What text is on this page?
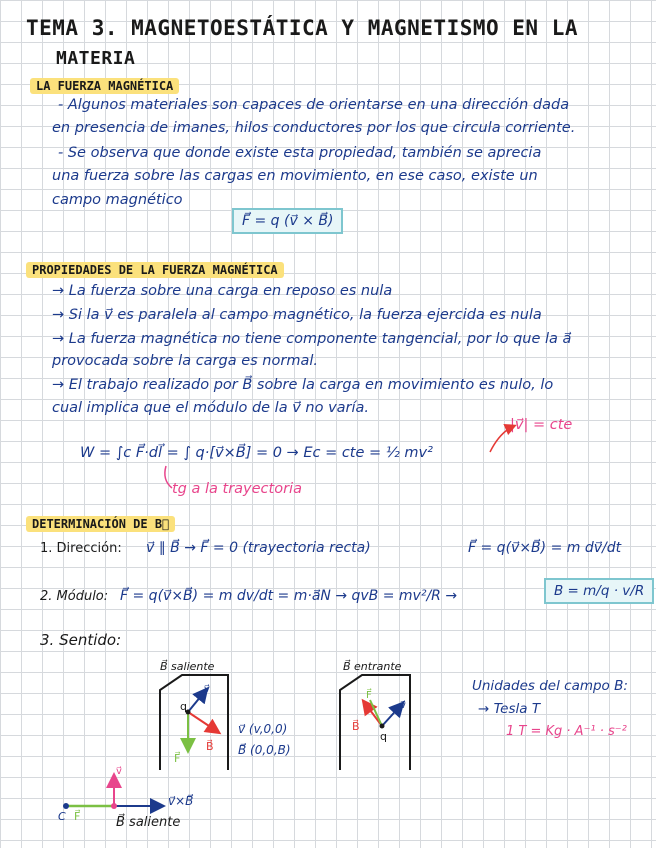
TEMA 3. MAGNETOESTÁTICA Y MAGNETISMO EN LA
MATERIA
LA FUERZA MAGNÉTICA
- Algunos materiales son capaces de orientarse en una dirección dada
en presencia de imanes, hilos conductores por los que circula corriente.
- Se observa que donde existe esta propiedad, también se aprecia
una fuerza sobre las cargas en movimiento, en ese caso, existe un
campo magnético
F⃗ = q (v⃗ × B⃗)
PROPIEDADES DE LA FUERZA MAGNÉTICA
→ La fuerza sobre una carga en reposo es nula
→ Si la v⃗ es paralela al campo magnético, la fuerza ejercida es nula
→ La fuerza magnética no tiene componente tangencial, por lo que la a⃗
provocada sobre la carga es normal.
→ El trabajo realizado por B⃗ sobre la carga en movimiento es nulo, lo
cual implica que el módulo de la v⃗ no varía.
|v⃗| = cte
W = ∫c F⃗·dl⃗ = ∫ q·[v⃗×B⃗] = 0 → Ec = cte = ½ mv²
tg a la trayectoria
DETERMINACIÓN DE B⃗
1. Dirección: v⃗ ∥ B⃗ → F⃗ = 0 (trayectoria recta)	F⃗ = q(v⃗×B⃗) = m dv⃗/dt
2. Módulo: F⃗ = q(v⃗×B⃗) = m dv/dt = m·a⃗N → qvB = mv²/R →	B = m/q · v/R
3. Sentido:
Unidades del campo B:
→ Tesla T
1 T = Kg · A⁻¹ · s⁻²
B⃗ saliente	B⃗ entrante
q
v⃗
B⃗
F⃗
v⃗ (v,0,0)
B⃗ (0,0,B)
q
v⃗
B⃗
F⃗
v⃗
v⃗×B⃗
C F⃗	B⃗ saliente
